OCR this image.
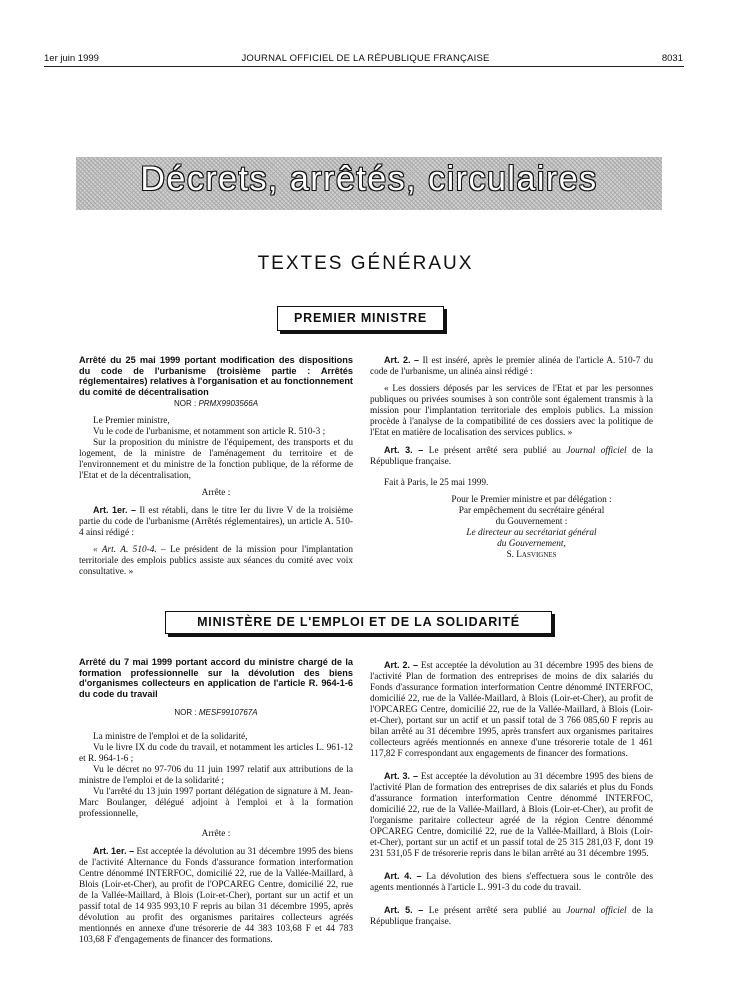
1er juin 1999	JOURNAL OFFICIEL DE LA RÉPUBLIQUE FRANÇAISE	8031
Décrets, arrêtés, circulaires
TEXTES GÉNÉRAUX
PREMIER MINISTRE

Arrêté du 25 mai 1999 portant modification des dispositions du code de l'urbanisme (troisième partie : Arrêtés réglementaires) relatives à l'organisation et au fonctionnement du comité de décentralisation

NOR : PRMX9903566A

Le Premier ministre,

Vu le code de l'urbanisme, et notamment son article R. 510-3 ;

Sur la proposition du ministre de l'équipement, des transports et du logement, de la ministre de l'aménagement du territoire et de l'environnement et du ministre de la fonction publique, de la réforme de l'Etat et de la décentralisation,

Arrête :

Art. 1er. – Il est rétabli, dans le titre Ier du livre V de la troisième partie du code de l'urbanisme (Arrêtés réglementaires), un article A. 510-4 ainsi rédigé :

« Art. A. 510-4. – Le président de la mission pour l'implantation territoriale des emplois publics assiste aux séances du comité avec voix consultative. »

Art. 2. – Il est inséré, après le premier alinéa de l'article A. 510-7 du code de l'urbanisme, un alinéa ainsi rédigé :

« Les dossiers déposés par les services de l'Etat et par les personnes publiques ou privées soumises à son contrôle sont également transmis à la mission pour l'implantation territoriale des emplois publics. La mission procède à l'analyse de la compatibilité de ces dossiers avec la politique de l'Etat en matière de localisation des services publics. »

Art. 3. – Le présent arrêté sera publié au Journal officiel de la République française.

Fait à Paris, le 25 mai 1999.

Pour le Premier ministre et par délégation :

Par empêchement du secrétaire général

du Gouvernement :

Le directeur au secrétariat général

du Gouvernement,

S. Lasvignes

MINISTÈRE DE L'EMPLOI ET DE LA SOLIDARITÉ

Arrêté du 7 mai 1999 portant accord du ministre chargé de la formation professionnelle sur la dévolution des biens d'organismes collecteurs en application de l'article R. 964-1-6 du code du travail

NOR : MESF9910767A

La ministre de l'emploi et de la solidarité,

Vu le livre IX du code du travail, et notamment les articles L. 961-12 et R. 964-1-6 ;

Vu le décret no 97-706 du 11 juin 1997 relatif aux attributions de la ministre de l'emploi et de la solidarité ;

Vu l'arrêté du 13 juin 1997 portant délégation de signature à M. Jean-Marc Boulanger, délégué adjoint à l'emploi et à la formation professionnelle,

Arrête :

Art. 1er. – Est acceptée la dévolution au 31 décembre 1995 des biens de l'activité Alternance du Fonds d'assurance formation interformation Centre dénommé INTERFOC, domicilié 22, rue de la Vallée-Maillard, à Blois (Loir-et-Cher), au profit de l'OPCAREG Centre, domicilié 22, rue de la Vallée-Maillard, à Blois (Loir-et-Cher), portant sur un actif et un passif total de 14 935 993,10 F repris au bilan 31 décembre 1995, après dévolution au profit des organismes paritaires collecteurs agréés mentionnés en annexe d'une trésorerie de 44 383 103,68 F et 44 783 103,68 F d'engagements de financer des formations.

Art. 2. – Est acceptée la dévolution au 31 décembre 1995 des biens de l'activité Plan de formation des entreprises de moins de dix salariés du Fonds d'assurance formation interformation Centre dénommé INTERFOC, domicilié 22, rue de la Vallée-Maillard, à Blois (Loir-et-Cher), au profit de l'OPCAREG Centre, domicilié 22, rue de la Vallée-Maillard, à Blois (Loir-et-Cher), portant sur un actif et un passif total de 3 766 085,60 F repris au bilan arrêté au 31 décembre 1995, après transfert aux organismes paritaires collecteurs agréés mentionnés en annexe d'une trésorerie totale de 1 461 117,82 F correspondant aux engagements de financer des formations.

Art. 3. – Est acceptée la dévolution au 31 décembre 1995 des biens de l'activité Plan de formation des entreprises de dix salariés et plus du Fonds d'assurance formation interformation Centre dénommé INTERFOC, domicilié 22, rue de la Vallée-Maillard, à Blois (Loir-et-Cher), au profit de l'organisme paritaire collecteur agréé de la région Centre dénommé OPCAREG Centre, domicilié 22, rue de la Vallée-Maillard, à Blois (Loir-et-Cher), portant sur un actif et un passif total de 25 315 281,03 F, dont 19 231 531,05 F de trésorerie repris dans le bilan arrêté au 31 décembre 1995.

Art. 4. – La dévolution des biens s'effectuera sous le contrôle des agents mentionnés à l'article L. 991-3 du code du travail.

Art. 5. – Le présent arrêté sera publié au Journal officiel de la République française.
